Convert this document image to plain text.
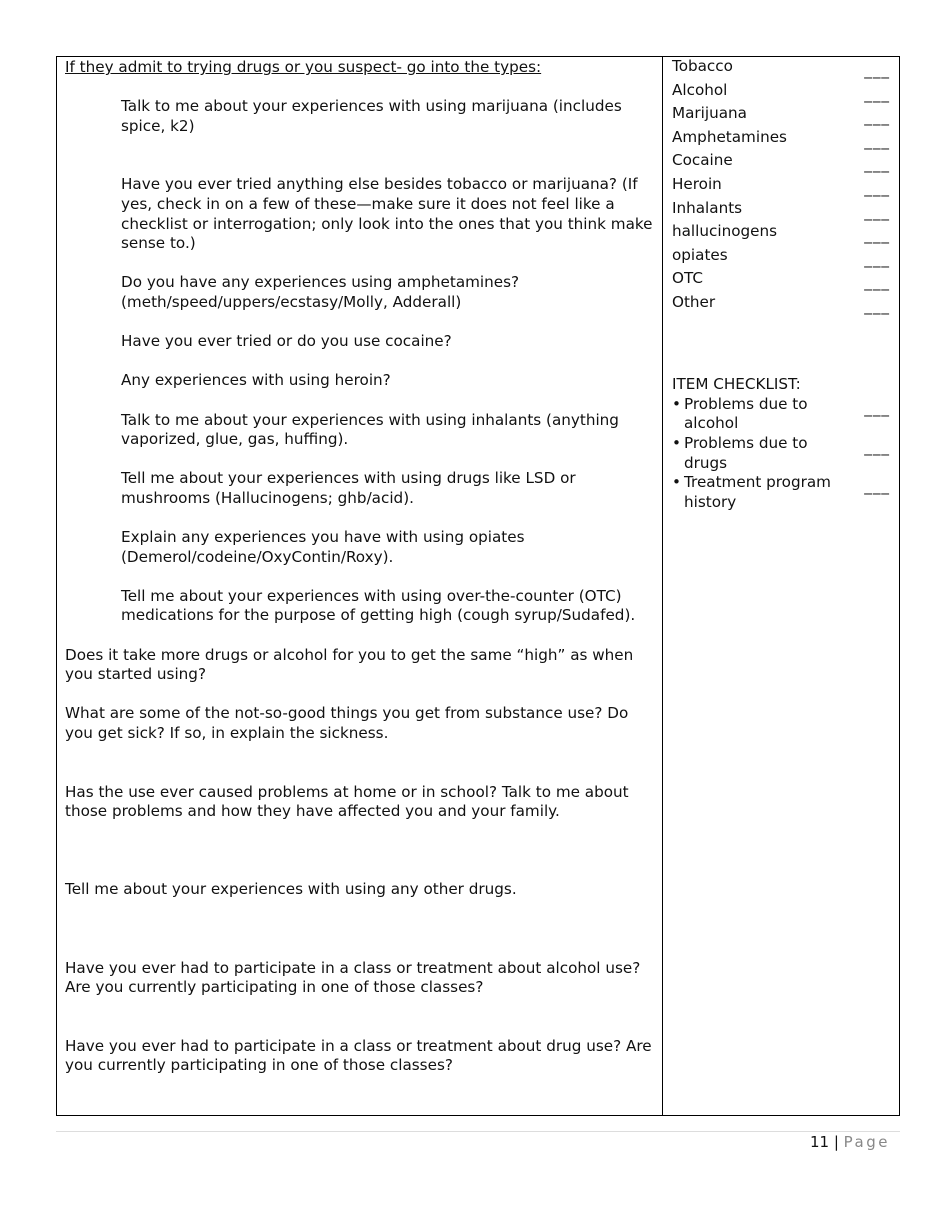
If they admit to trying drugs or you suspect- go into the types:

Talk to me about your experiences with using marijuana (includes spice, k2)

Have you ever tried anything else besides tobacco or marijuana? (If yes, check in on a few of these—make sure it does not feel like a checklist or interrogation; only look into the ones that you think make sense to.)

Do you have any experiences using amphetamines? (meth/speed/uppers/ecstasy/Molly, Adderall)

Have you ever tried or do you use cocaine?

Any experiences with using heroin?

Talk to me about your experiences with using inhalants (anything vaporized, glue, gas, huffing).

Tell me about your experiences with using drugs like LSD or mushrooms (Hallucinogens; ghb/acid).

Explain any experiences you have with using opiates (Demerol/codeine/OxyContin/Roxy).

Tell me about your experiences with using over-the-counter (OTC) medications for the purpose of getting high (cough syrup/Sudafed).

Does it take more drugs or alcohol for you to get the same “high” as when you started using?

What are some of the not-so-good things you get from substance use? Do you get sick? If so, in explain the sickness.

Has the use ever caused problems at home or in school? Talk to me about those problems and how they have affected you and your family.

Tell me about your experiences with using any other drugs.

Have you ever had to participate in a class or treatment about alcohol use? Are you currently participating in one of those classes?

Have you ever had to participate in a class or treatment about drug use? Are you currently participating in one of those classes?

Tobacco	___
Alcohol	___
Marijuana	___
Amphetamines	___
Cocaine	___
Heroin	___
Inhalants	___
hallucinogens	___
opiates	___
OTC	___
Other	___
ITEM CHECKLIST:
• Problems due to alcohol
___
• Problems due to drugs
___
• Treatment program history
___
11 | Page
